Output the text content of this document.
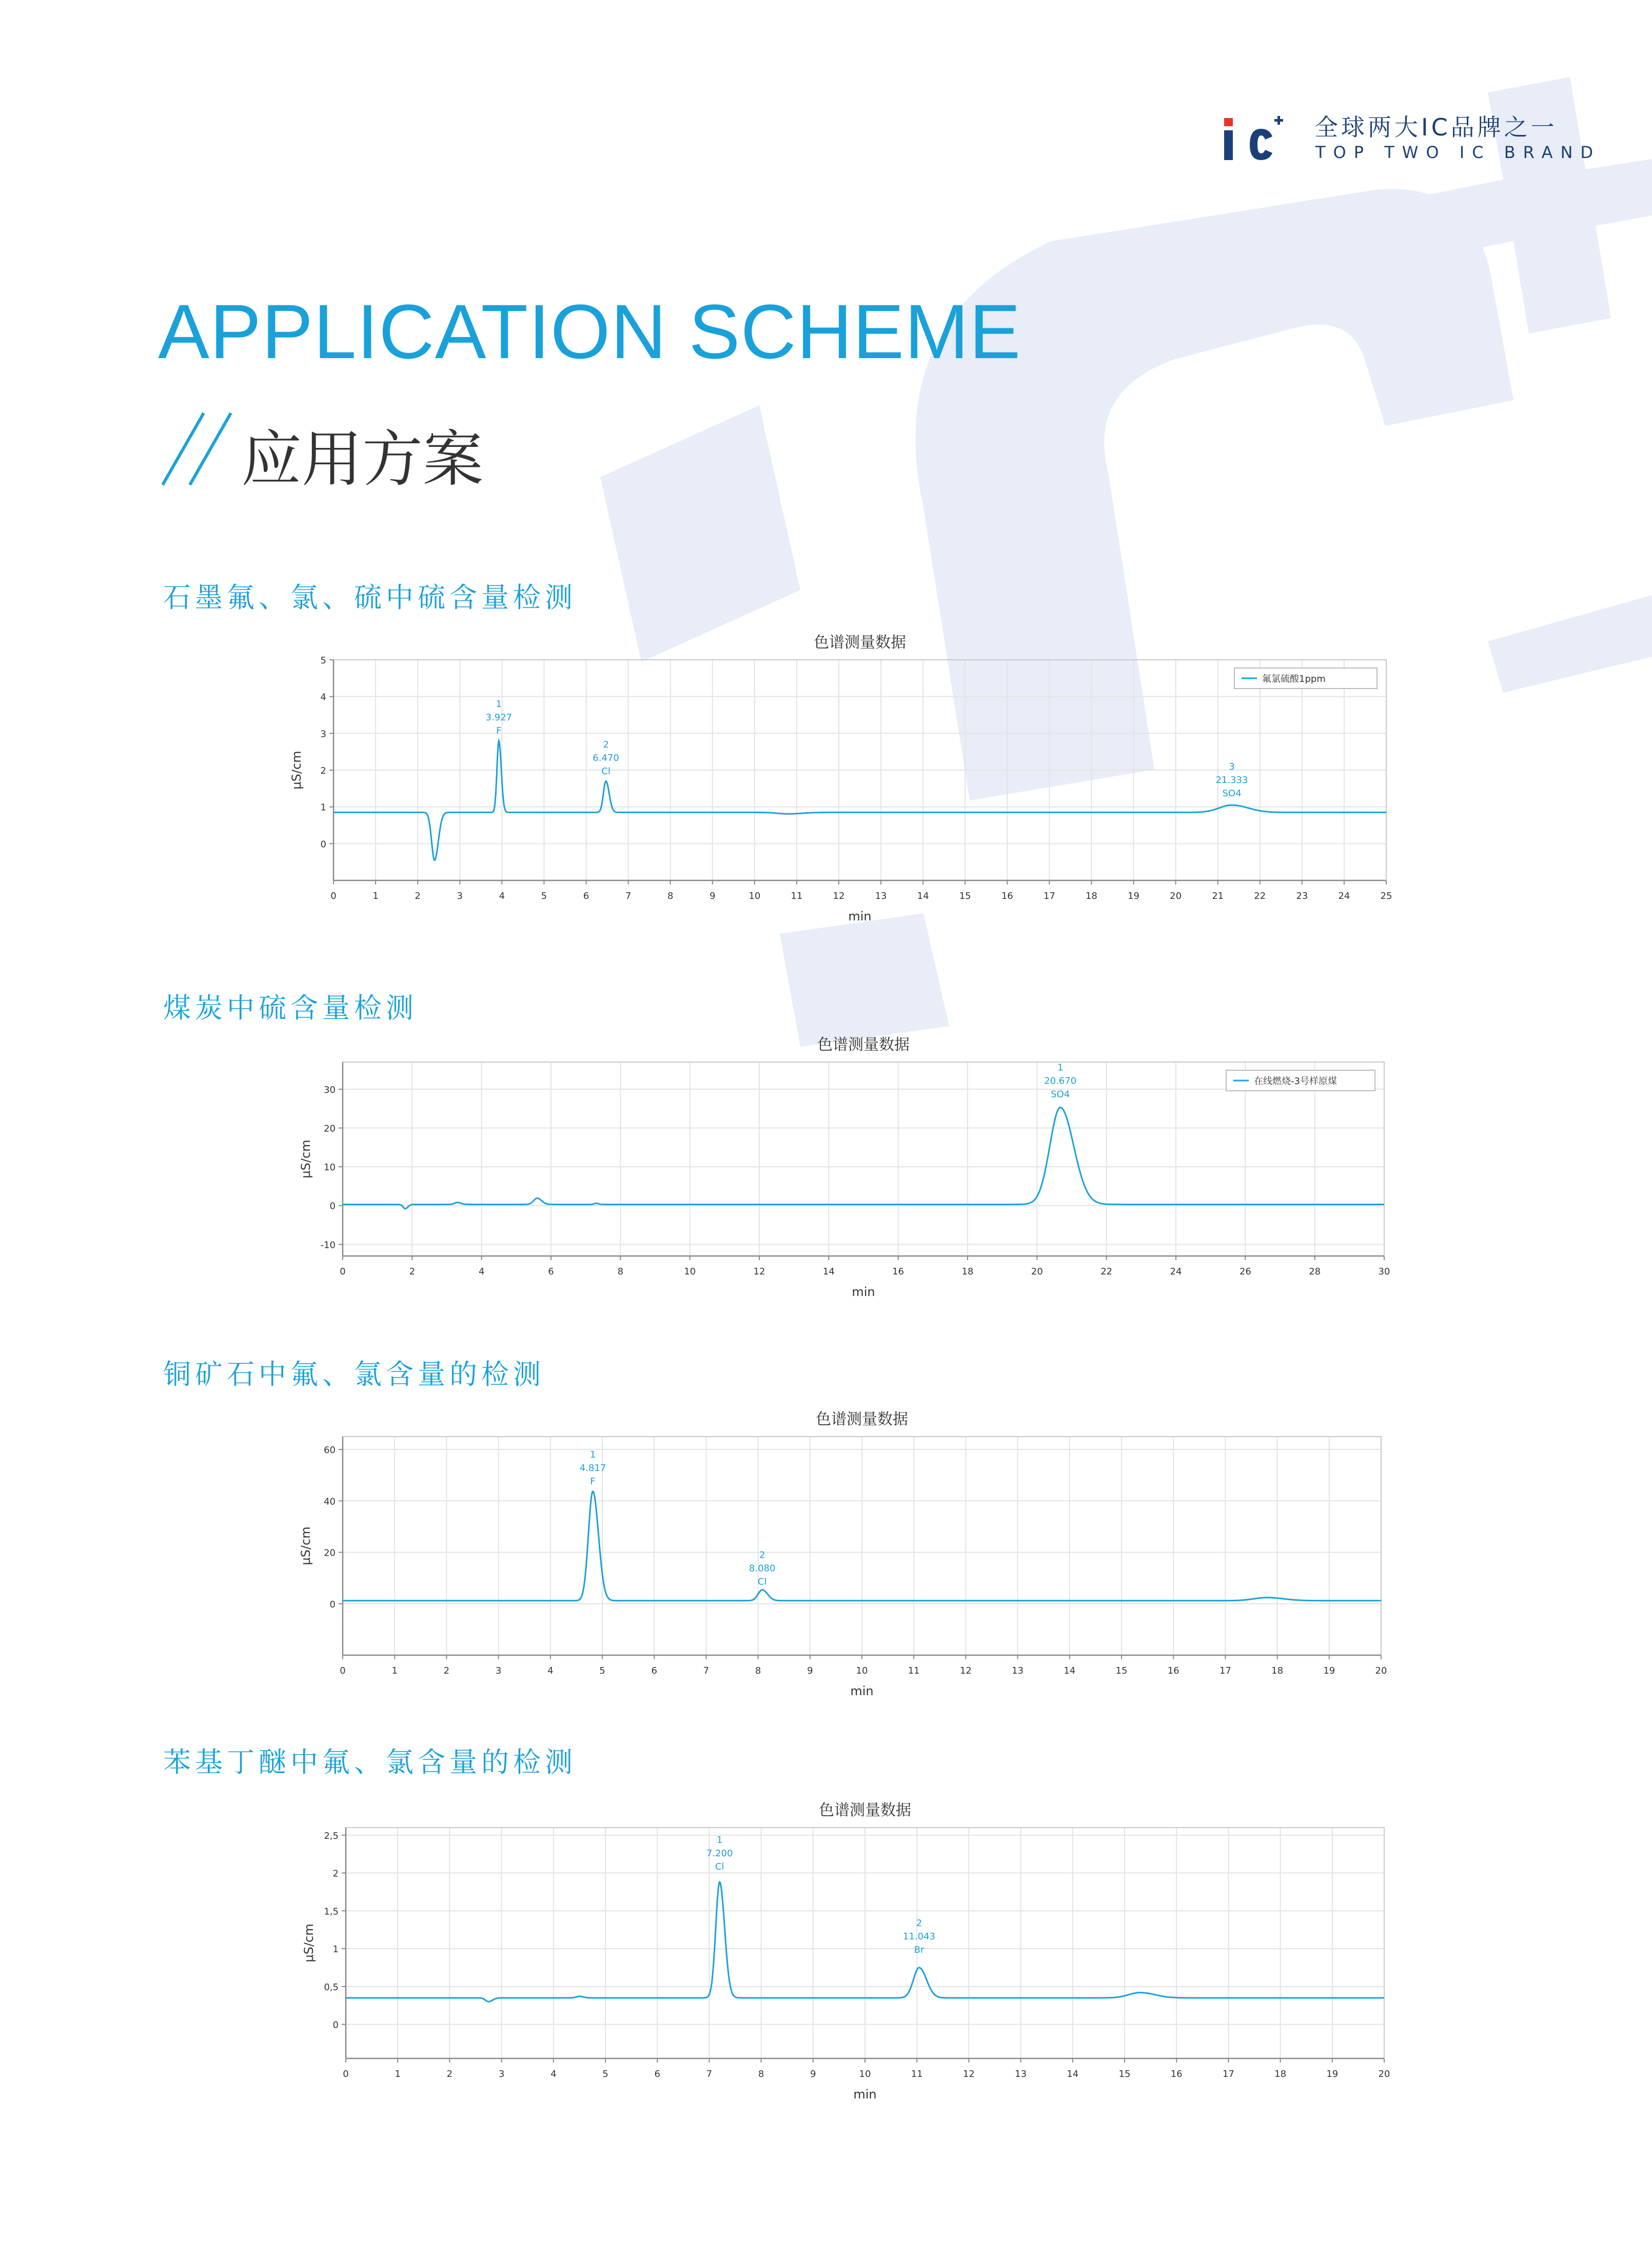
全球两大IC品牌之一
TOP TWO IC BRAND
APPLICATION SCHEME
应用方案
石墨氟、氯、硫中硫含量检测
煤炭中硫含量检测
铜矿石中氟、氯含量的检测
苯基丁醚中氟、氯含量的检测
色谱测量数据
0	1	2	3	4	5	6	7	8	9	10	11	12	13	14	15	16	17	18	19	20	21	22	23	24	25
0
1
2
3
4
5
min
μS/cm
1
3.927
F
2
6.470
Cl	3
21.333
SO4
氟氯硫酸1ppm
色谱测量数据
0	2	4	6	8	10	12	14	16	18	20	22	24	26	28	30
-10
0
10
20
30
min
μS/cm
1
20.670
SO4
在线燃烧-3号样原煤
色谱测量数据
0	1	2	3	4	5	6	7	8	9	10	11	12	13	14	15	16	17	18	19	20
0
20
40
60
min
μS/cm
1
4.817
F
2
8.080
Cl
色谱测量数据
0	1	2	3	4	5	6	7	8	9	10	11	12	13	14	15	16	17	18	19	20
0
0,5
1
1,5
2
2,5
min
μS/cm
1
7.200
Cl
2
11.043
Br
